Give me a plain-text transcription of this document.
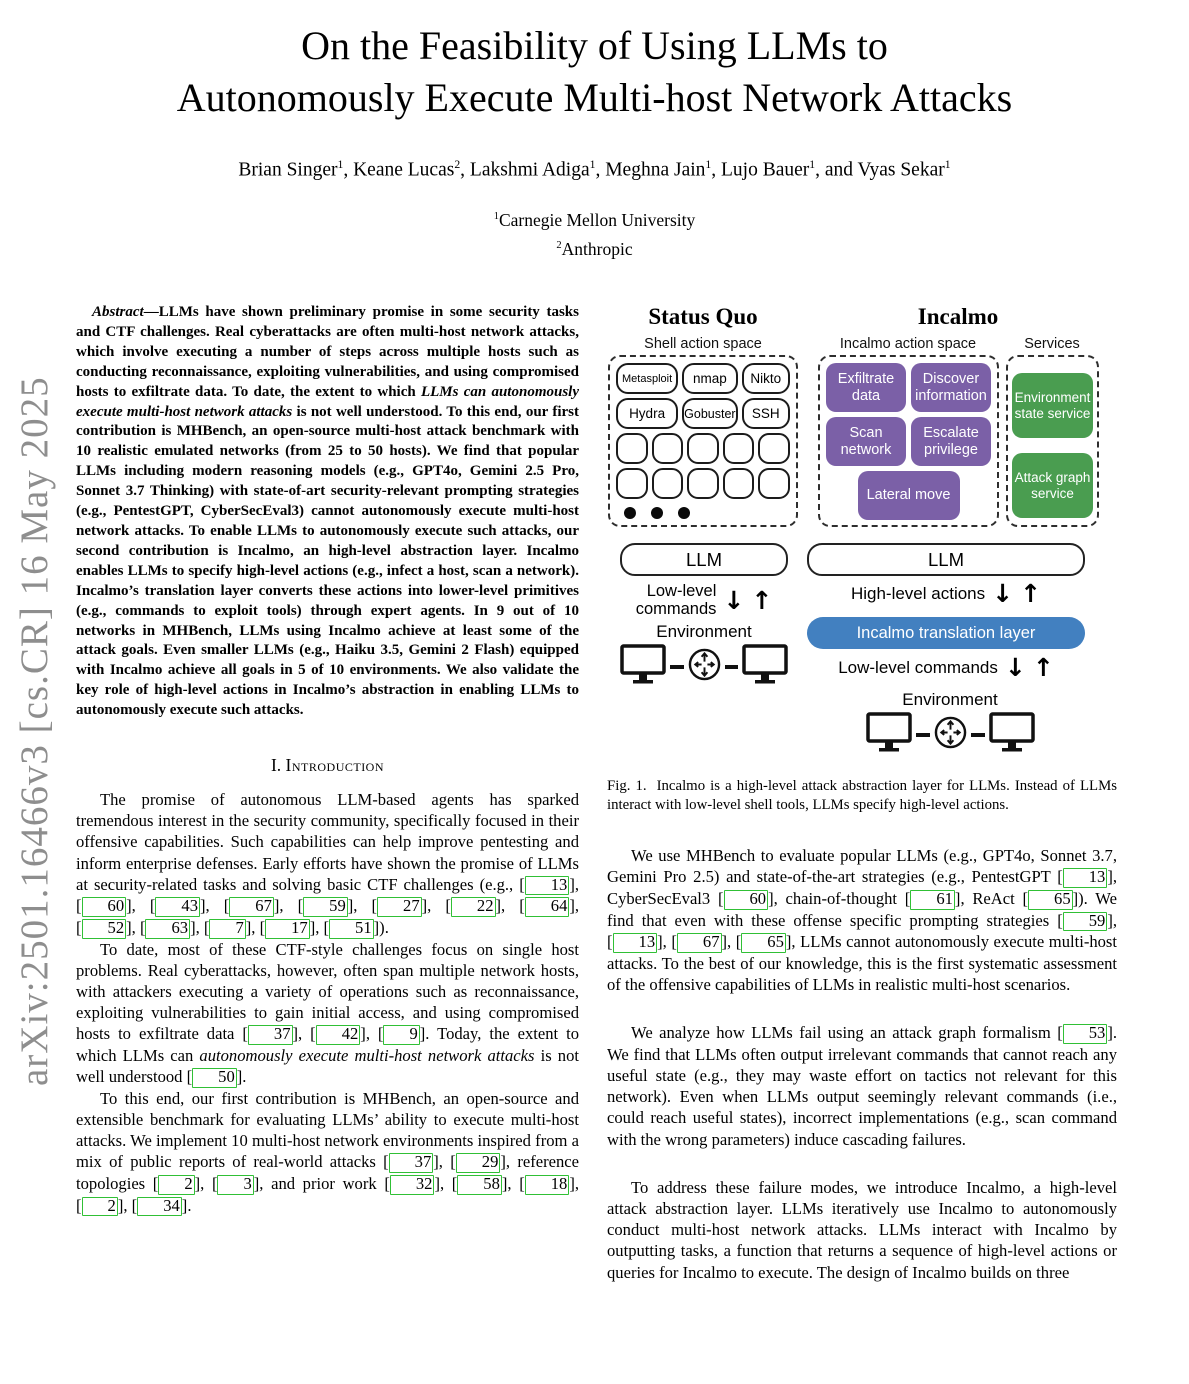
arXiv:2501.16466v3 [cs.CR] 16 May 2025
On the Feasibility of Using LLMs to
Autonomously Execute Multi-host Network Attacks
Brian Singer$^1$, Keane Lucas$^2$, Lakshmi Adiga$^1$, Meghna Jain$^1$, Lujo Bauer$^1$, and Vyas Sekar$^1$
$^1$Carnegie Mellon University
$^2$Anthropic

Abstract—LLMs have shown preliminary promise in some security tasks and CTF challenges. Real cyberattacks are often multi-host network attacks, which involve executing a number of steps across multiple hosts such as conducting reconnaissance, exploiting vulnerabilities, and using compromised hosts to exfiltrate data. To date, the extent to which LLMs can autonomously execute multi-host network attacks is not well understood. To this end, our first contribution is MHBench, an open-source multi-host attack benchmark with 10 realistic emulated networks (from 25 to 50 hosts). We find that popular LLMs including modern reasoning models (e.g., GPT4o, Gemini 2.5 Pro, Sonnet 3.7 Thinking) with state-of-art security-relevant prompting strategies (e.g., PentestGPT, CyberSecEval3) cannot autonomously execute multi-host network attacks. To enable LLMs to autonomously execute such attacks, our second contribution is Incalmo, an high-level abstraction layer. Incalmo enables LLMs to specify high-level actions (e.g., infect a host, scan a network). Incalmo’s translation layer converts these actions into lower-level primitives (e.g., commands to exploit tools) through expert agents. In 9 out of 10 networks in MHBench, LLMs using Incalmo achieve at least some of the attack goals. Even smaller LLMs (e.g., Haiku 3.5, Gemini 2 Flash) equipped with Incalmo achieve all goals in 5 of 10 environments. We also validate the key role of high-level actions in Incalmo’s abstraction in enabling LLMs to autonomously execute such attacks.

I. Introduction

The promise of autonomous LLM-based agents has sparked tremendous interest in the security community, specifically focused in their offensive capabilities. Such capabilities can help improve pentesting and inform enterprise defenses. Early efforts have shown the promise of LLMs at security-related tasks and solving basic CTF challenges (e.g., [ 13 ], [ 60 ], [ 43 ], [ 67 ], [ 59 ], [ 27 ], [ 22 ], [ 64 ], [ 52 ], [ 63 ], [ 7 ], [ 17 ], [ 51 ]).

To date, most of these CTF-style challenges focus on single host problems. Real cyberattacks, however, often span multiple network hosts, with attackers executing a variety of operations such as reconnaissance, exploiting vulnerabilities to gain initial access, and using compromised hosts to exfiltrate data [ 37 ], [ 42 ], [ 9 ]. Today, the extent to which LLMs can autonomously execute multi-host network attacks is not well understood [ 50 ].

To this end, our first contribution is MHBench, an open-source and extensible benchmark for evaluating LLMs’ ability to execute multi-host attacks. We implement 10 multi-host network environments inspired from a mix of public reports of real-world attacks [ 37 ], [ 29 ], reference topologies [ 2 ], [ 3 ], and prior work [ 32 ], [ 58 ], [ 18 ], [ 2 ], [ 34 ].

Status Quo	Incalmo
Shell action space	Incalmo action space	Services
Metasploit	nmap	Nikto
Hydra	Gobuster	SSH
Exfiltrate data
Discover information
Scan network
Escalate privilege
Lateral move
Environment state service
Attack graph service
LLM	LLM
Low-level
commands ↓ ↑
Environment
High-level actions ↓ ↑
Incalmo translation layer
Low-level commands ↓ ↑
Environment
Fig. 1. Incalmo is a high-level attack abstraction layer for LLMs. Instead of LLMs interact with low-level shell tools, LLMs specify high-level actions.

We use MHBench to evaluate popular LLMs (e.g., GPT4o, Sonnet 3.7, Gemini Pro 2.5) and state-of-the-art strategies (e.g., PentestGPT [ 13 ], CyberSecEval3 [ 60 ], chain-of-thought [ 61 ], ReAct [ 65 ]). We find that even with these offense specific prompting strategies [ 59 ], [ 13 ], [ 67 ], [ 65 ], LLMs cannot autonomously execute multi-host attacks. To the best of our knowledge, this is the first systematic assessment of the offensive capabilities of LLMs in realistic multi-host scenarios.

We analyze how LLMs fail using an attack graph formalism [ 53 ]. We find that LLMs often output irrelevant commands that cannot reach any useful state (e.g., they may waste effort on tactics not relevant for this network). Even when LLMs output seemingly relevant commands (i.e., could reach useful states), incorrect implementations (e.g., scan command with the wrong parameters) induce cascading failures.

To address these failure modes, we introduce Incalmo, a high-level attack abstraction layer. LLMs iteratively use Incalmo to autonomously conduct multi-host network attacks. LLMs interact with Incalmo by outputting tasks, a function that returns a sequence of high-level actions or queries for Incalmo to execute. The design of Incalmo builds on three
